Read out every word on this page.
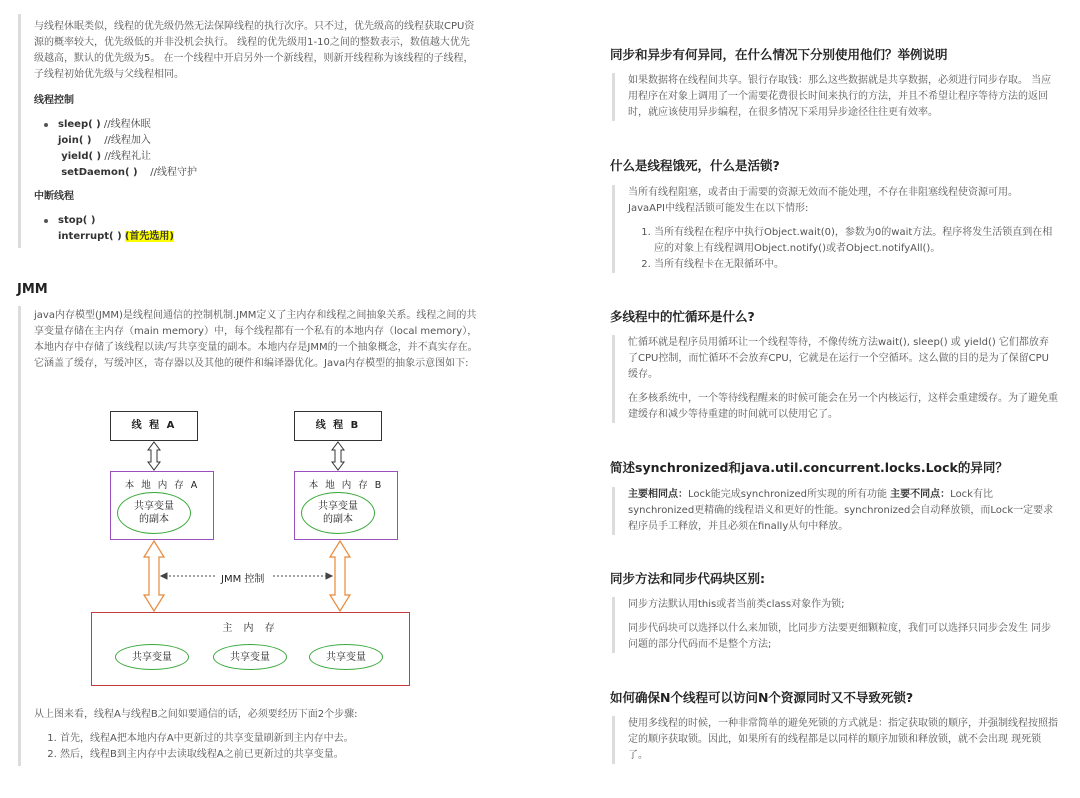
与线程休眠类似，线程的优先级仍然无法保障线程的执行次序。只不过，优先级高的线程获取CPU资源的概率较大，优先级低的并非没机会执行。 线程的优先级用1-10之间的整数表示，数值越大优先级越高，默认的优先级为5。 在一个线程中开启另外一个新线程，则新开线程称为该线程的子线程，子线程初始优先级与父线程相同。

线程控制

sleep( ) //线程休眠
join( ) //线程加入
yield( ) //线程礼让
setDaemon( ) //线程守护

中断线程

stop( )
interrupt( ) (首先选用)
JMM

java内存模型(JMM)是线程间通信的控制机制.JMM定义了主内存和线程之间抽象关系。线程之间的共享变量存储在主内存（main memory）中，每个线程都有一个私有的本地内存（local memory），本地内存中存储了该线程以读/写共享变量的副本。本地内存是JMM的一个抽象概念，并不真实存在。它涵盖了缓存，写缓冲区，寄存器以及其他的硬件和编译器优化。Java内存模型的抽象示意图如下:

线 程 A	线 程 B
本 地 内 存 A
共享变量
的副本
本 地 内 存 B
共享变量
的副本
JMM 控制
主 内 存
共享变量	共享变量	共享变量

从上图来看，线程A与线程B之间如要通信的话，必须要经历下面2个步骤:

1. 首先，线程A把本地内存A中更新过的共享变量刷新到主内存中去。
2. 然后，线程B到主内存中去读取线程A之前已更新过的共享变量。
同步和异步有何异同，在什么情况下分别使用他们？举例说明

如果数据将在线程间共享。银行存取钱：那么这些数据就是共享数据，必须进行同步存取。 当应用程序在对象上调用了一个需要花费很长时间来执行的方法，并且不希望让程序等待方法的返回时，就应该使用异步编程，在很多情况下采用异步途径往往更有效率。

什么是线程饿死，什么是活锁?

当所有线程阻塞，或者由于需要的资源无效而不能处理，不存在非阻塞线程使资源可用。 JavaAPI中线程活锁可能发生在以下情形:

1. 当所有线程在程序中执行Object.wait(0)，参数为0的wait方法。程序将发生活锁直到在相应的对象上有线程调用Object.notify()或者Object.notifyAll()。
2. 当所有线程卡在无限循环中。
多线程中的忙循环是什么?

忙循环就是程序员用循环让一个线程等待，不像传统方法wait(), sleep() 或 yield() 它们都放弃了CPU控制，而忙循环不会放弃CPU，它就是在运行一个空循环。这么做的目的是为了保留CPU缓存。

在多核系统中，一个等待线程醒来的时候可能会在另一个内核运行，这样会重建缓存。为了避免重建缓存和减少等待重建的时间就可以使用它了。

简述synchronized和java.util.concurrent.locks.Lock的异同？

主要相同点：Lock能完成synchronized所实现的所有功能 主要不同点：Lock有比synchronized更精确的线程语义和更好的性能。synchronized会自动释放锁，而Lock一定要求程序员手工释放，并且必须在finally从句中释放。

同步方法和同步代码块区别:

同步方法默认用this或者当前类class对象作为锁;

同步代码块可以选择以什么来加锁，比同步方法要更细颗粒度，我们可以选择只同步会发生 同步问题的部分代码而不是整个方法;

如何确保N个线程可以访问N个资源同时又不导致死锁?

使用多线程的时候，一种非常简单的避免死锁的方式就是：指定获取锁的顺序，并强制线程按照指定的顺序获取锁。因此，如果所有的线程都是以同样的顺序加锁和释放锁，就不会出现 现死锁了。
